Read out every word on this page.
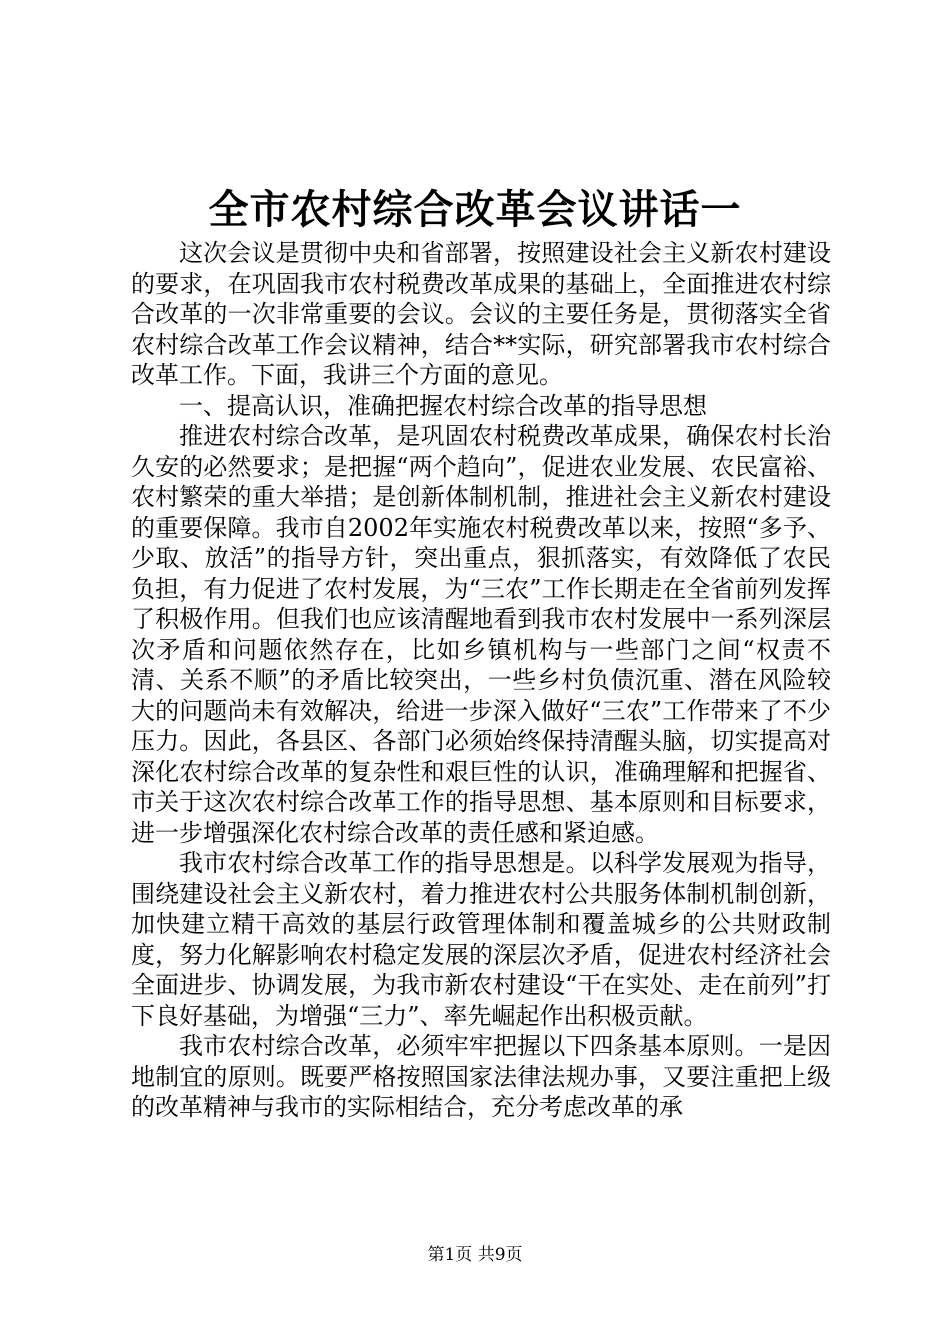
全市农村综合改革会议讲话一

这次会议是贯彻中央和省部署，按照建设社会主义新农村建设的要求，在巩固我市农村税费改革成果的基础上，全面推进农村综合改革的一次非常重要的会议。会议的主要任务是，贯彻落实全省农村综合改革工作会议精神，结合**实际，研究部署我市农村综合改革工作。下面，我讲三个方面的意见。

一、提高认识，准确把握农村综合改革的指导思想

推进农村综合改革，是巩固农村税费改革成果，确保农村长治久安的必然要求；是把握“两个趋向”，促进农业发展、农民富裕、农村繁荣的重大举措；是创新体制机制，推进社会主义新农村建设的重要保障。我市自2002年实施农村税费改革以来，按照“多予、少取、放活”的指导方针，突出重点，狠抓落实，有效降低了农民负担，有力促进了农村发展，为“三农”工作长期走在全省前列发挥了积极作用。但我们也应该清醒地看到我市农村发展中一系列深层次矛盾和问题依然存在，比如乡镇机构与一些部门之间“权责不清、关系不顺”的矛盾比较突出，一些乡村负债沉重、潜在风险较大的问题尚未有效解决，给进一步深入做好“三农”工作带来了不少压力。因此，各县区、各部门必须始终保持清醒头脑，切实提高对深化农村综合改革的复杂性和艰巨性的认识，准确理解和把握省、市关于这次农村综合改革工作的指导思想、基本原则和目标要求，进一步增强深化农村综合改革的责任感和紧迫感。

我市农村综合改革工作的指导思想是。以科学发展观为指导，围绕建设社会主义新农村，着力推进农村公共服务体制机制创新，加快建立精干高效的基层行政管理体制和覆盖城乡的公共财政制度，努力化解影响农村稳定发展的深层次矛盾，促进农村经济社会全面进步、协调发展，为我市新农村建设“干在实处、走在前列”打下良好基础，为增强“三力”、率先崛起作出积极贡献。

我市农村综合改革，必须牢牢把握以下四条基本原则。一是因地制宜的原则。既要严格按照国家法律法规办事，又要注重把上级的改革精神与我市的实际相结合，充分考虑改革的承

第1页 共9页
